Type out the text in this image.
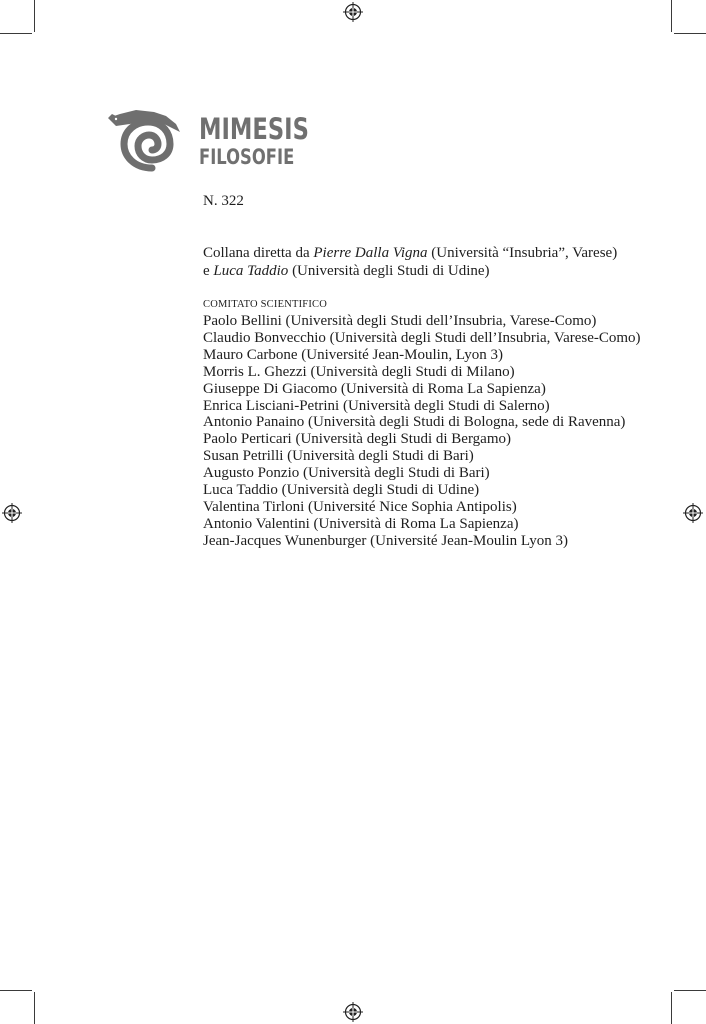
MIMESIS
FILOSOFIE
N. 322
Collana diretta da Pierre Dalla Vigna (Università “Insubria”, Varese)
e Luca Taddio (Università degli Studi di Udine)
COMITATO SCIENTIFICO
Paolo Bellini (Università degli Studi dell’Insubria, Varese-Como)
Claudio Bonvecchio (Università degli Studi dell’Insubria, Varese-Como)
Mauro Carbone (Université Jean-Moulin, Lyon 3)
Morris L. Ghezzi (Università degli Studi di Milano)
Giuseppe Di Giacomo (Università di Roma La Sapienza)
Enrica Lisciani-Petrini (Università degli Studi di Salerno)
Antonio Panaino (Università degli Studi di Bologna, sede di Ravenna)
Paolo Perticari (Università degli Studi di Bergamo)
Susan Petrilli (Università degli Studi di Bari)
Augusto Ponzio (Università degli Studi di Bari)
Luca Taddio (Università degli Studi di Udine)
Valentina Tirloni (Université Nice Sophia Antipolis)
Antonio Valentini (Università di Roma La Sapienza)
Jean-Jacques Wunenburger (Université Jean-Moulin Lyon 3)
